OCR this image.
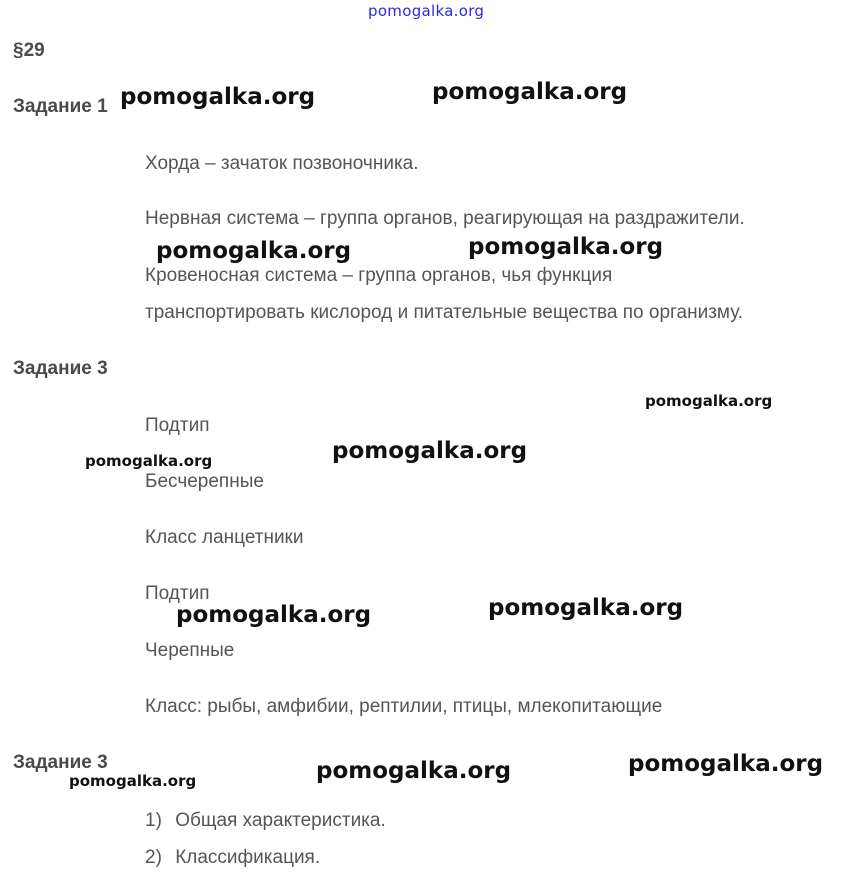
pomogalka.org
§29
Задание 1
Хорда – зачаток позвоночника.
Нервная система – группа органов, реагирующая на раздражители.
Кровеносная система – группа органов, чья функция
транспортировать кислород и питательные вещества по организму.
Задание 3
Подтип
Бесчерепные
Класс ланцетники
Подтип
Черепные
Класс: рыбы, амфибии, рептилии, птицы, млекопитающие
Задание 3
1) Общая характеристика.
2) Классификация.
pomogalka.org	pomogalka.org
pomogalka.org	pomogalka.org
pomogalka.org
pomogalka.org
pomogalka.org
pomogalka.org	pomogalka.org
pomogalka.org	pomogalka.org	pomogalka.org
